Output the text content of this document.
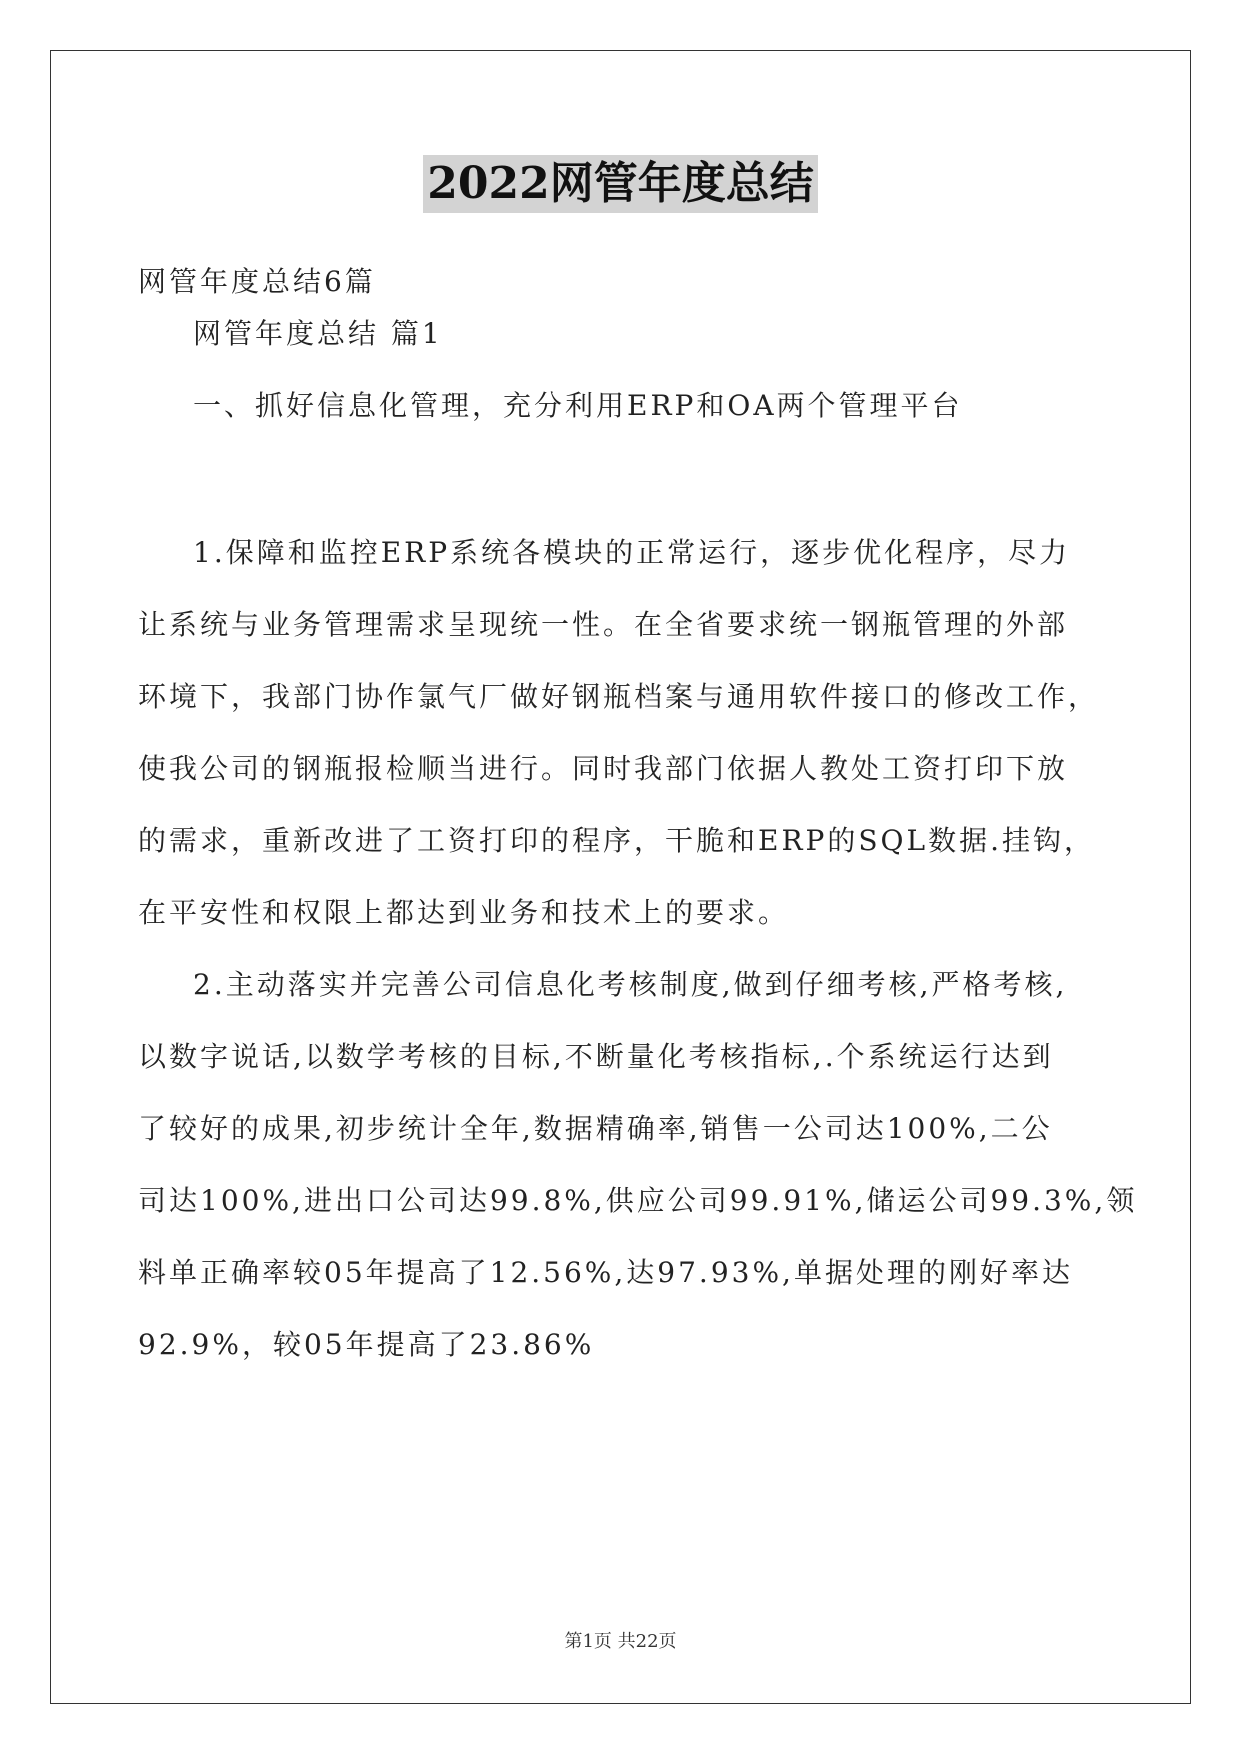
2022网管年度总结
网管年度总结6篇
网管年度总结 篇1
一、抓好信息化管理，充分利用ERP和OA两个管理平台
1.保障和监控ERP系统各模块的正常运行，逐步优化程序，尽力
让系统与业务管理需求呈现统一性。在全省要求统一钢瓶管理的外部
环境下，我部门协作氯气厂做好钢瓶档案与通用软件接口的修改工作，
使我公司的钢瓶报检顺当进行。同时我部门依据人教处工资打印下放
的需求，重新改进了工资打印的程序，干脆和ERP的SQL数据.挂钩，
在平安性和权限上都达到业务和技术上的要求。
2.主动落实并完善公司信息化考核制度,做到仔细考核,严格考核,
以数字说话,以数学考核的目标,不断量化考核指标,.个系统运行达到
了较好的成果,初步统计全年,数据精确率,销售一公司达100%,二公
司达100%,进出口公司达99.8%,供应公司99.91%,储运公司99.3%,领
料单正确率较05年提高了12.56%,达97.93%,单据处理的刚好率达
92.9%，较05年提高了23.86%
第1页 共22页
